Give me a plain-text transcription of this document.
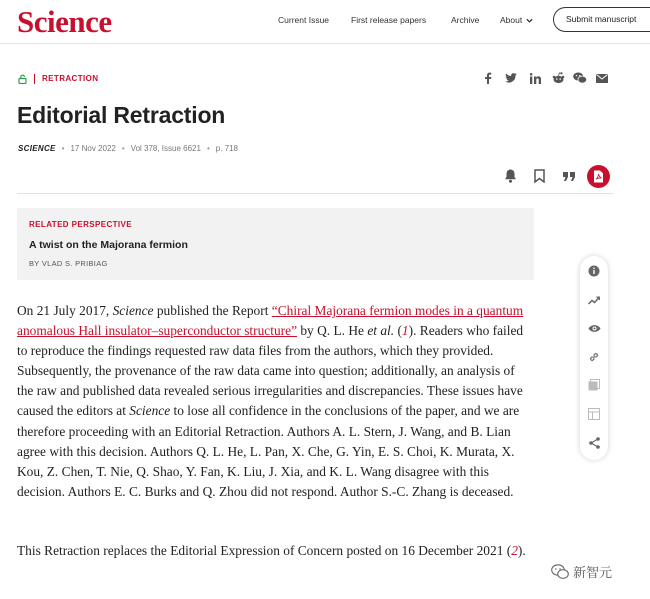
Science	Current Issue	First release papers	Archive About	Submit manuscript
RETRACTION
Editorial Retraction
SCIENCE • 17 Nov 2022 • Vol 378, Issue 6621 • p. 718
RELATED PERSPECTIVE
A twist on the Majorana fermion
BY VLAD S. PRIBIAG

On 21 July 2017, Science published the Report “Chiral Majorana fermion modes in a quantum anomalous Hall insulator–superconductor structure” by Q. L. He et al. (1). Readers who failed to reproduce the findings requested raw data files from the authors, which they provided. Subsequently, the provenance of the raw data came into question; additionally, an analysis of the raw and published data revealed serious irregularities and discrepancies. These issues have caused the editors at Science to lose all confidence in the conclusions of the paper, and we are therefore proceeding with an Editorial Retraction. Authors A. L. Stern, J. Wang, and B. Lian agree with this decision. Authors Q. L. He, L. Pan, X. Che, G. Yin, E. S. Choi, K. Murata, X. Kou, Z. Chen, T. Nie, Q. Shao, Y. Fan, K. Liu, J. Xia, and K. L. Wang disagree with this decision. Authors E. C. Burks and Q. Zhou did not respond. Author S.-C. Zhang is deceased.

This Retraction replaces the Editorial Expression of Concern posted on 16 December 2021 (2).

新智元
